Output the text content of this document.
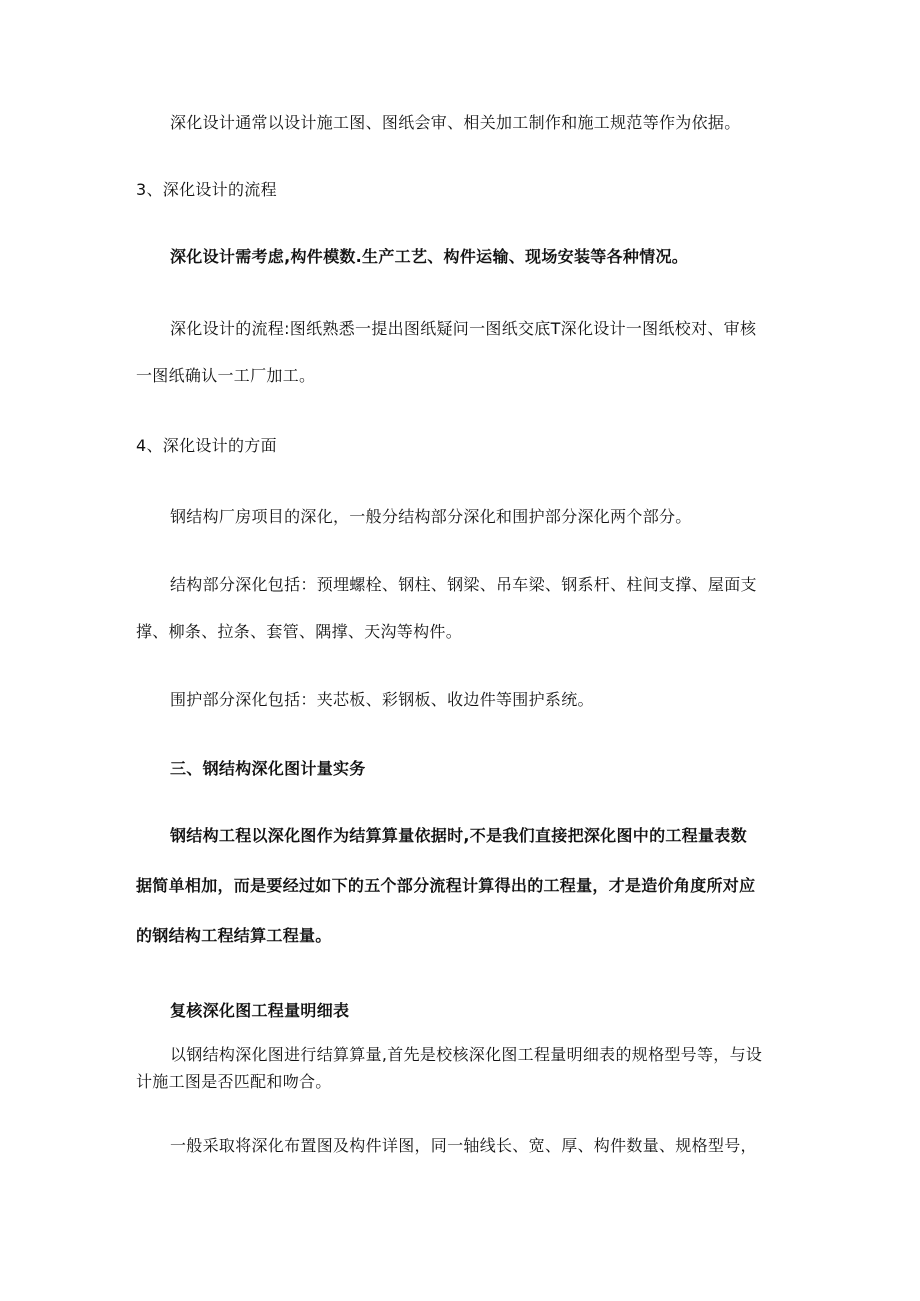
深化设计通常以设计施工图、图纸会审、相关加工制作和施工规范等作为依据。
3、深化设计的流程
深化设计需考虑,构件模数.生产工艺、构件运输、现场安装等各种情况。
深化设计的流程:图纸熟悉一提出图纸疑问一图纸交底T深化设计一图纸校对、审核
一图纸确认一工厂加工。
4、深化设计的方面
钢结构厂房项目的深化，一般分结构部分深化和围护部分深化两个部分。
结构部分深化包括：预埋螺栓、钢柱、钢梁、吊车梁、钢系杆、柱间支撑、屋面支
撑、柳条、拉条、套管、隅撑、天沟等构件。
围护部分深化包括：夹芯板、彩钢板、收边件等围护系统。
三、钢结构深化图计量实务
钢结构工程以深化图作为结算算量依据时,不是我们直接把深化图中的工程量表数
据简单相加，而是要经过如下的五个部分流程计算得出的工程量，才是造价角度所对应
的钢结构工程结算工程量。
复核深化图工程量明细表
以钢结构深化图进行结算算量,首先是校核深化图工程量明细表的规格型号等，与设
计施工图是否匹配和吻合。
一般采取将深化布置图及构件详图，同一轴线长、宽、厚、构件数量、规格型号，
